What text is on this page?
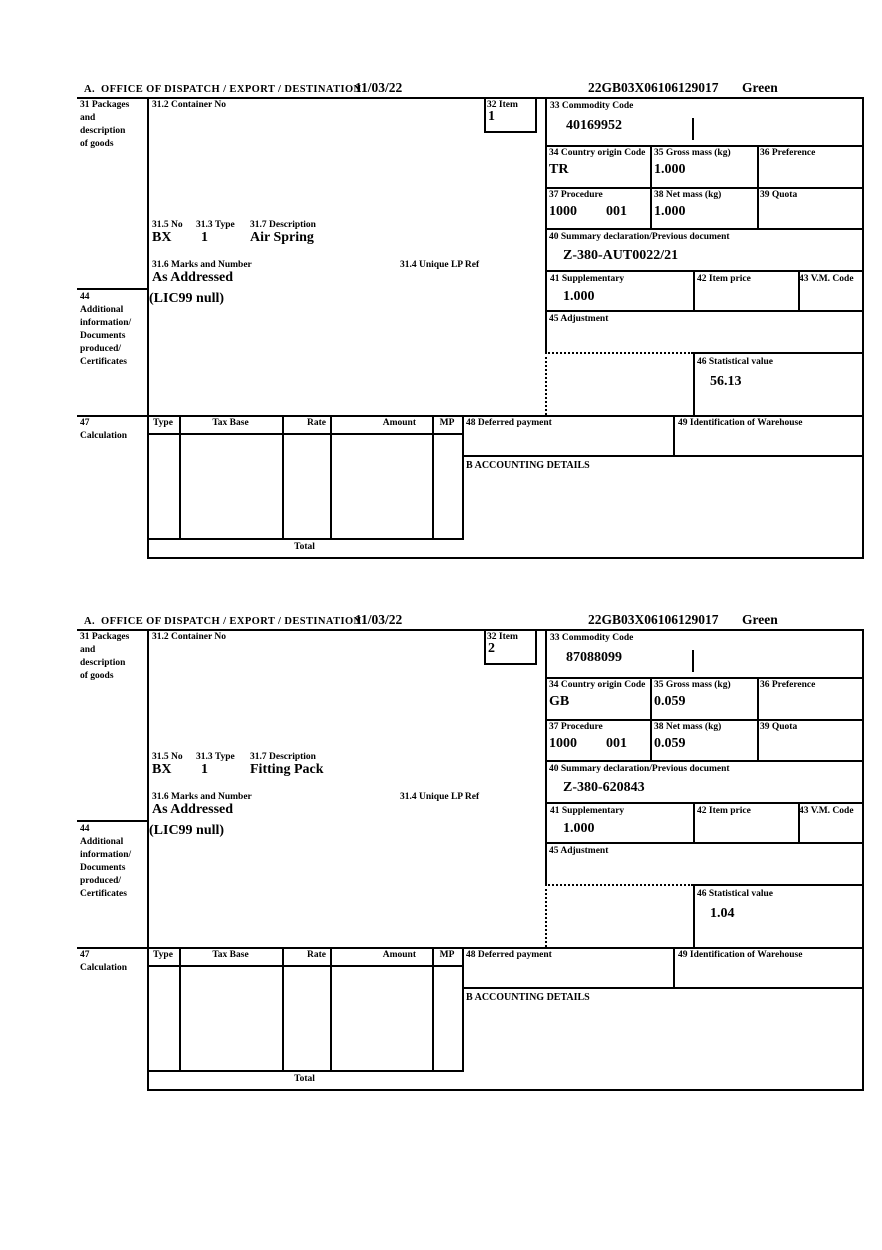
A.  OFFICE OF DISPATCH / EXPORT / DESTINATION
11/03/22	22GB03X06106129017 Green
31 Packages
and
description
of goods
31.2 Container No	32 Item
1
33 Commodity Code
40169952
34 Country origin Code
TR
35 Gross mass (kg)
1.000
36 Preference
37 Procedure
1000 001
38 Net mass (kg)
1.000
39 Quota
40 Summary declaration/Previous document
Z-380-AUT0022/21
41 Supplementary
1.000
42 Item price	43 V.M. Code
45 Adjustment
46 Statistical value
56.13
31.5 No 31.3 Type 31.7 Description
BX 1	Air Spring
31.6 Marks and Number	31.4 Unique LP Ref
As Addressed
44
Additional
information/
Documents
produced/
Certificates
(LIC99 null)
47
Calculation
Type	Tax Base	Rate	Amount	MP	48 Deferred payment	49 Identification of Warehouse
B ACCOUNTING DETAILS
Total
A.  OFFICE OF DISPATCH / EXPORT / DESTINATION
11/03/22	22GB03X06106129017 Green
31 Packages
and
description
of goods
31.2 Container No	32 Item
2
33 Commodity Code
87088099
34 Country origin Code
GB
35 Gross mass (kg)
0.059
36 Preference
37 Procedure
1000 001
38 Net mass (kg)
0.059
39 Quota
40 Summary declaration/Previous document
Z-380-620843
41 Supplementary
1.000
42 Item price	43 V.M. Code
45 Adjustment
46 Statistical value
1.04
31.5 No 31.3 Type 31.7 Description
BX 1	Fitting Pack
31.6 Marks and Number	31.4 Unique LP Ref
As Addressed
44
Additional
information/
Documents
produced/
Certificates
(LIC99 null)
47
Calculation
Type	Tax Base	Rate	Amount	MP	48 Deferred payment	49 Identification of Warehouse
B ACCOUNTING DETAILS
Total
